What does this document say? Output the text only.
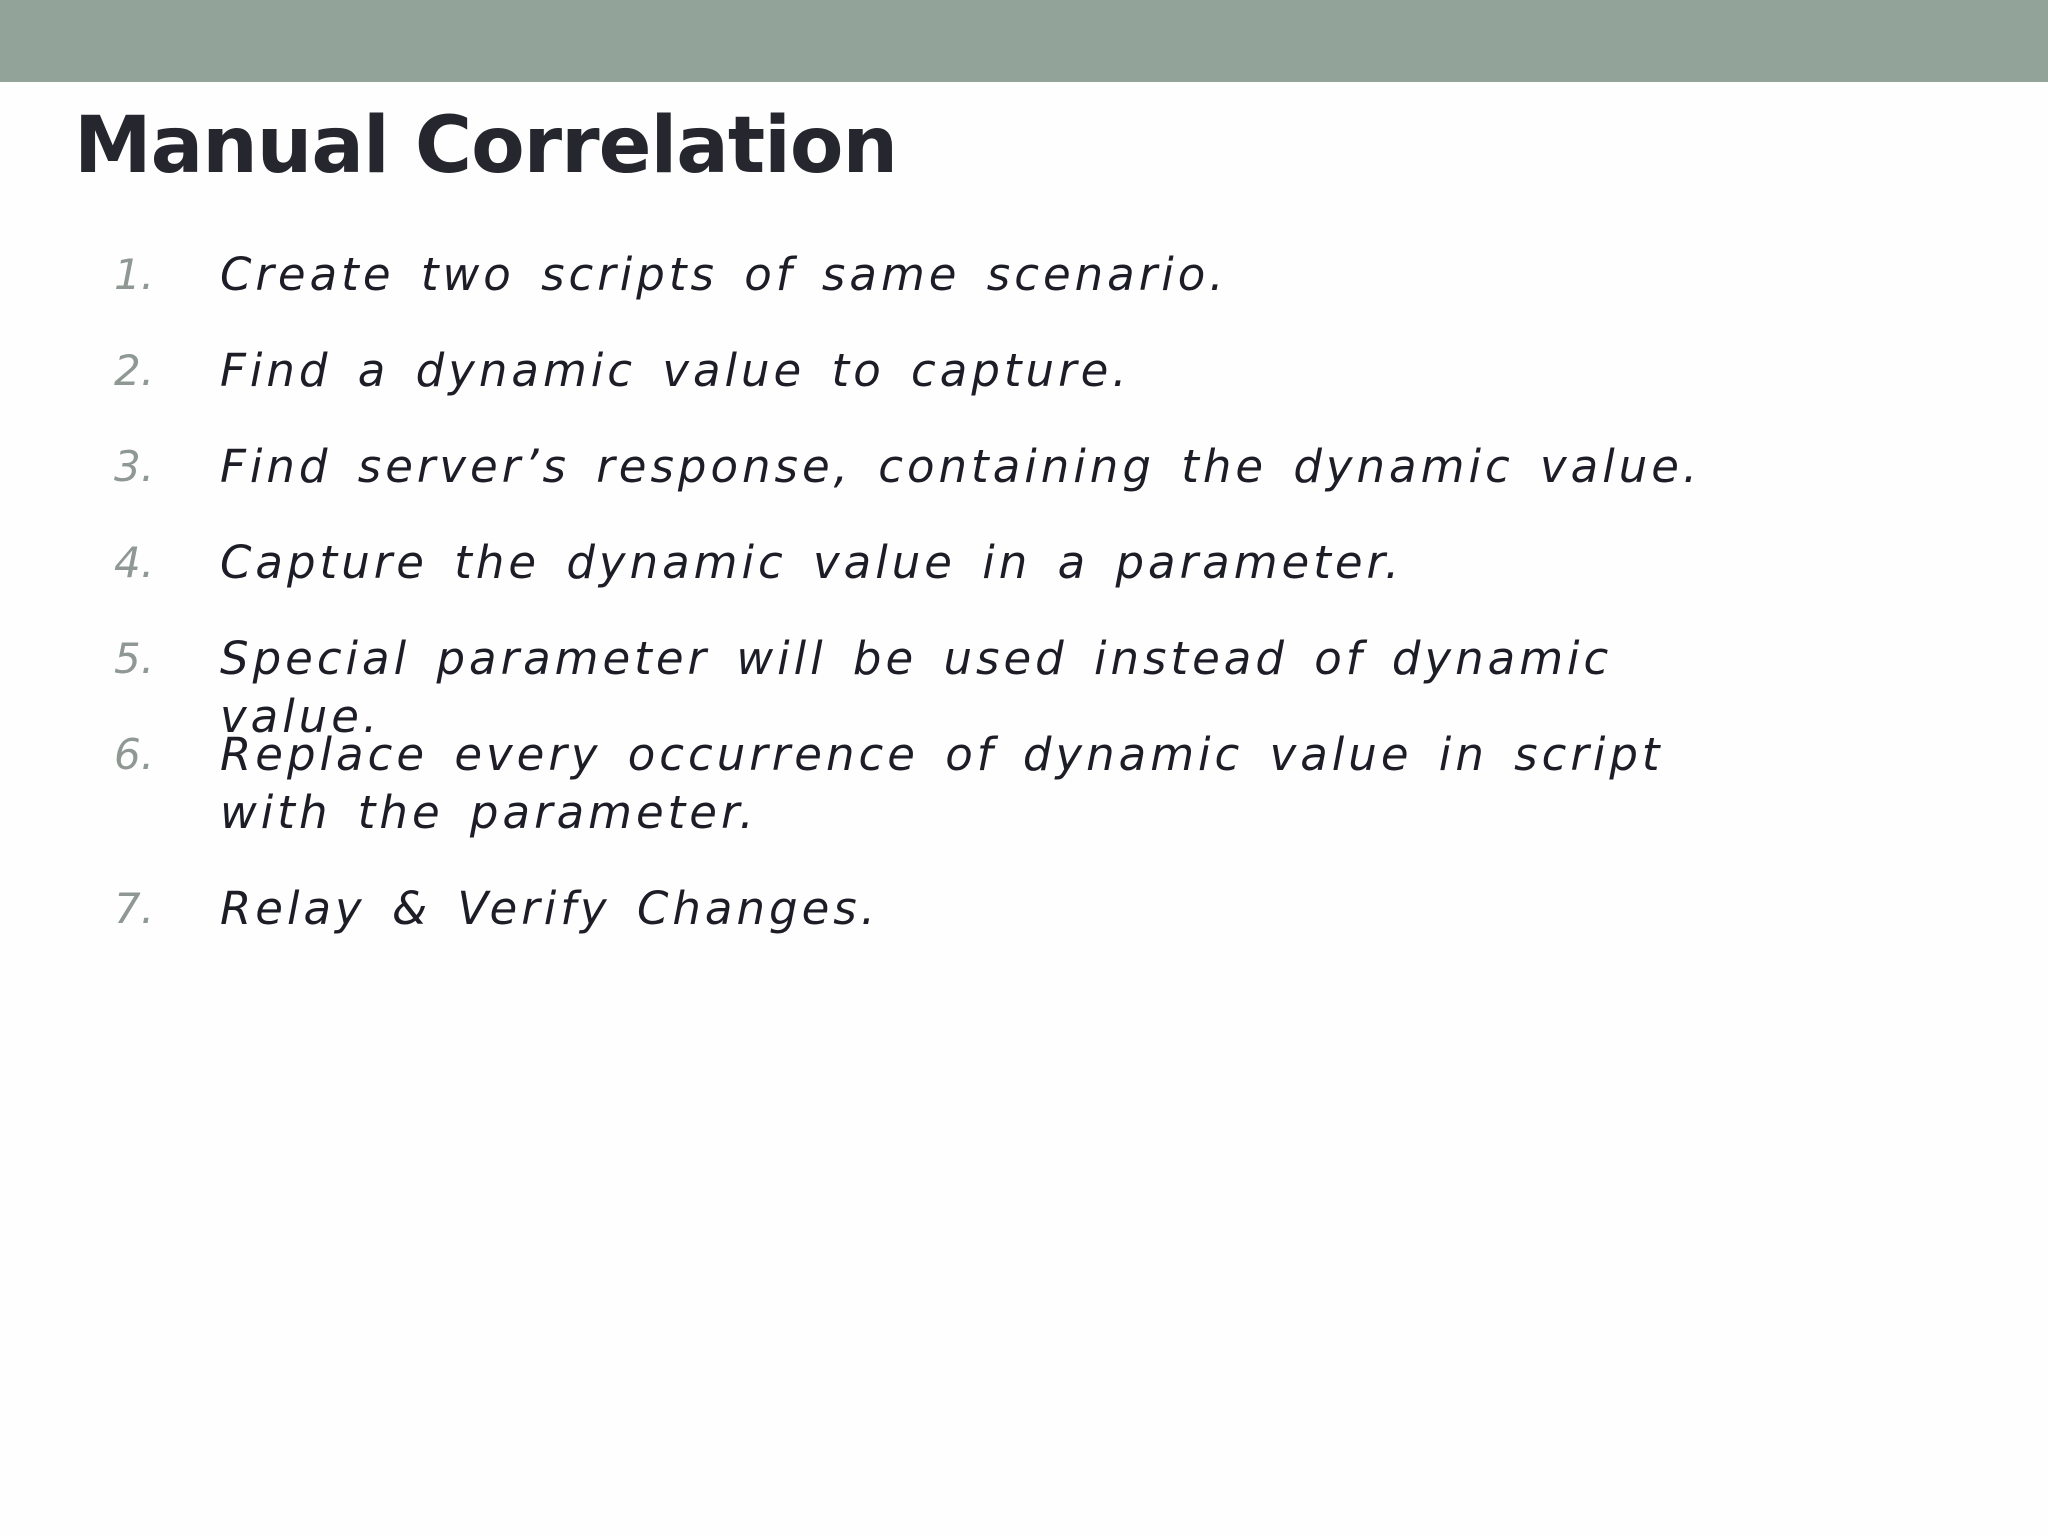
Manual Correlation
1. Create two scripts of same scenario.
2. Find a dynamic value to capture.
3. Find server’s response, containing the dynamic value.
4. Capture the dynamic value in a parameter.
5. Special parameter will be used instead of dynamic value.
6. Replace every occurrence of dynamic value in script with the parameter.
7. Relay & Verify Changes.
